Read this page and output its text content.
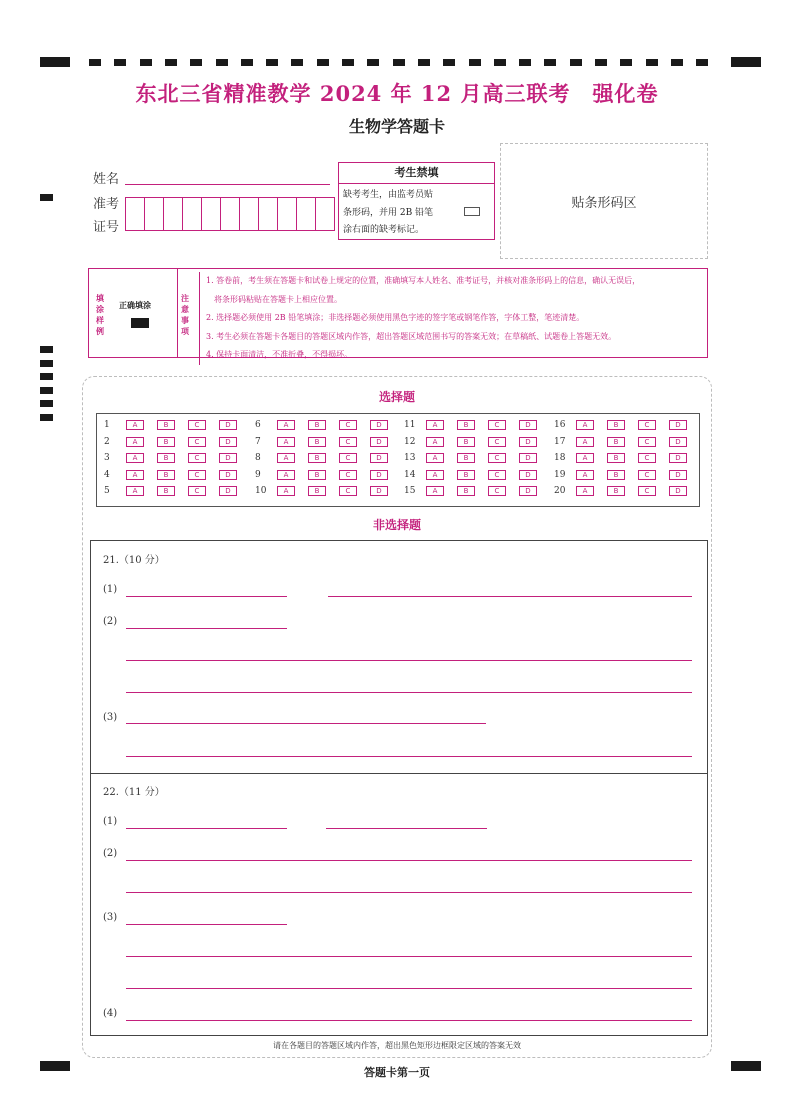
东北三省精准教学 2024 年 12 月高三联考　强化卷
生物学答题卡
姓名
准考
证号
考生禁填
缺考考生，由监考员贴
条形码，并用 2B 铅笔
涂右面的缺考标记。
贴条形码区
填涂样例
正确填涂
注意事项

1. 答卷前，考生须在答题卡和试卷上规定的位置，准确填写本人姓名、准考证号，并核对准条形码上的信息，确认无误后，

　将条形码粘贴在答题卡上相应位置。

2. 选择题必须使用 2B 铅笔填涂；非选择题必须使用黑色字迹的签字笔或钢笔作答，字体工整，笔迹清楚。

3. 考生必须在答题卡各题目的答题区域内作答，超出答题区域范围书写的答案无效；在草稿纸、试题卷上答题无效。

4. 保持卡面清洁，不准折叠，不得损坏。

选择题
1	A	B	C	D
2	A	B	C	D
3	A	B	C	D
4	A	B	C	D
5	A	B	C	D
6	A	B	C	D
7	A	B	C	D
8	A	B	C	D
9	A	B	C	D
10	A	B	C	D
11	A	B	C	D
12	A	B	C	D
13	A	B	C	D
14	A	B	C	D
15	A	B	C	D
16	A	B	C	D
17	A	B	C	D
18	A	B	C	D
19	A	B	C	D
20	A	B	C	D
非选择题
21.（10 分）
(1)
(2)
(3)
22.（11 分）
(1)
(2)
(3)
(4)
请在各题目的答题区域内作答，超出黑色矩形边框限定区域的答案无效
答题卡第一页
